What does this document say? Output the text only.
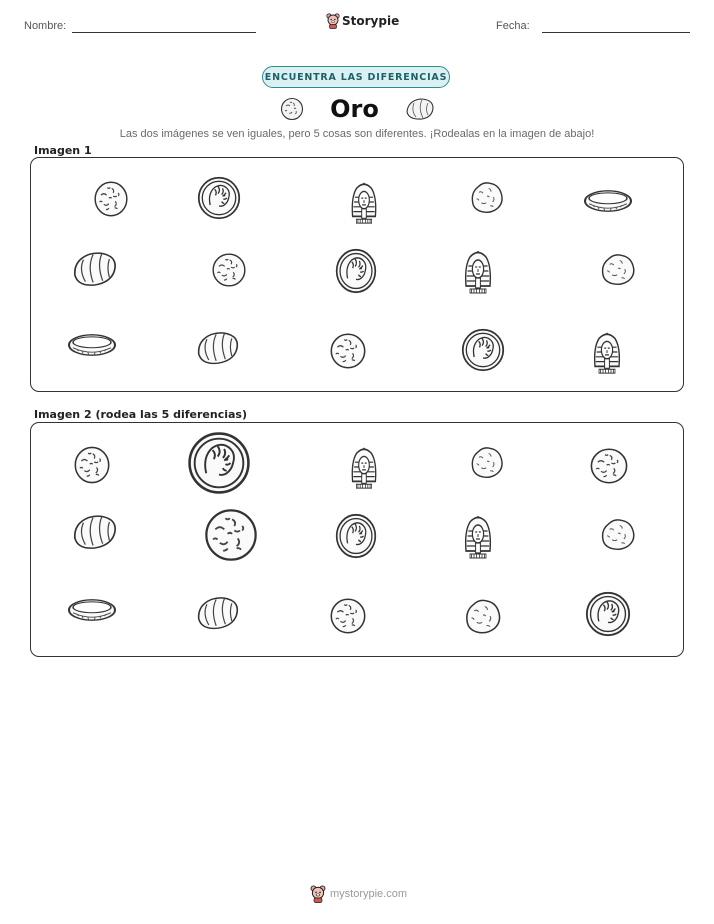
Nombre:	Storypie	Fecha:
ENCUENTRA LAS DIFERENCIAS
Oro
Las dos imágenes se ven iguales, pero 5 cosas son diferentes. ¡Rodealas en la imagen de abajo!
Imagen 1
Imagen 2 (rodea las 5 diferencias)
mystorypie.com
